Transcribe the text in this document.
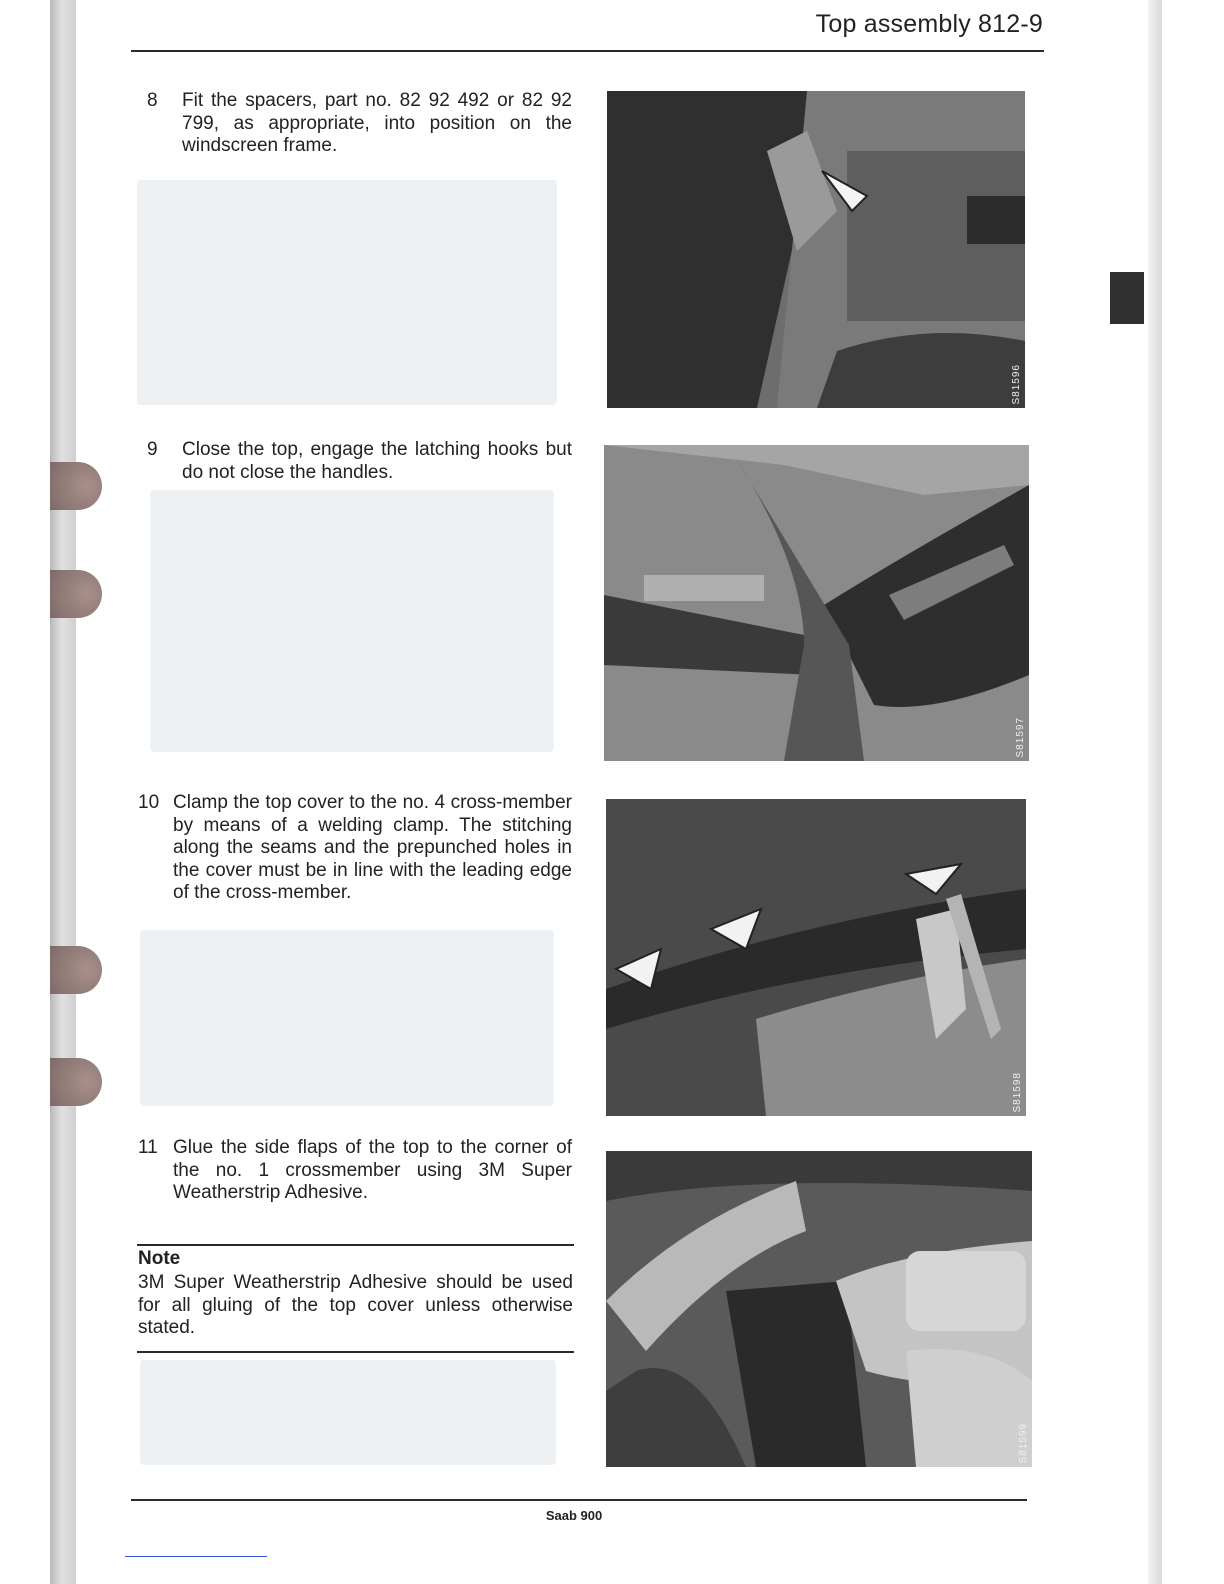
Top assembly 812-9
8 Fit the spacers, part no. 82 92 492 or 82 92 799, as appropriate, into position on the windscreen frame.
S81596
9 Close the top, engage the latching hooks but do not close the handles.
S81597
10 Clamp the top cover to the no. 4 cross-member by means of a welding clamp. The stitching along the seams and the prepunched holes in the cover must be in line with the leading edge of the cross-member.
S81598
11 Glue the side flaps of the top to the corner of the no. 1 crossmember using 3M Super Weatherstrip Adhesive.
S81599
Note
3M Super Weatherstrip Adhesive should be used for all gluing of the top cover unless otherwise stated.
Saab 900
